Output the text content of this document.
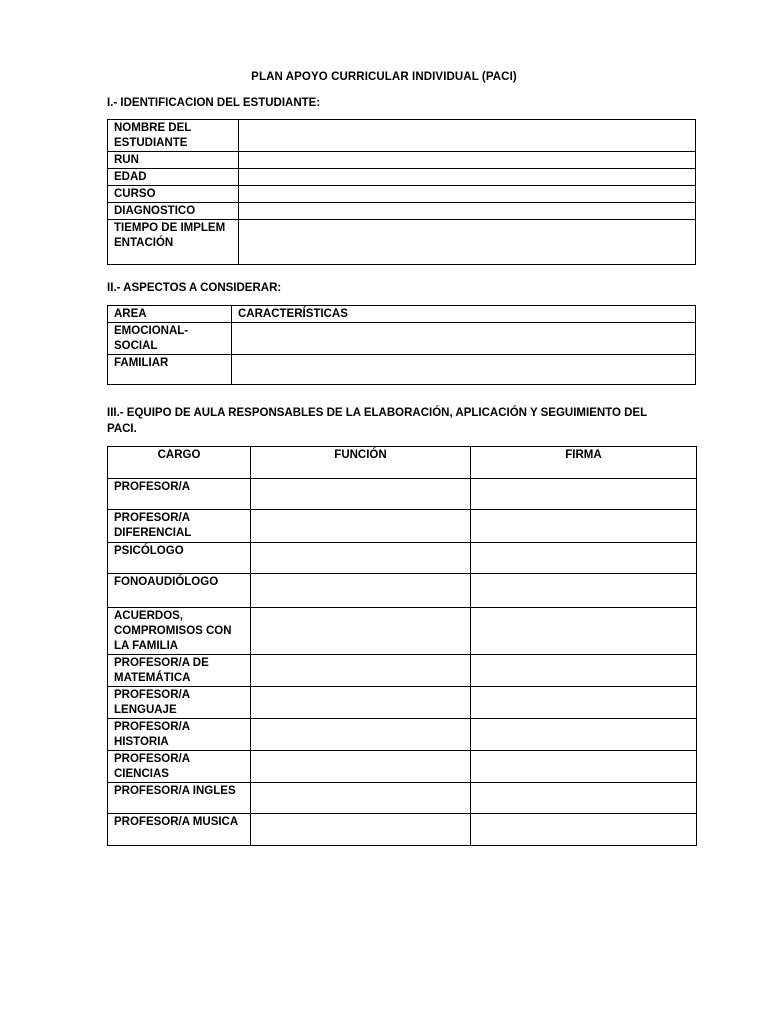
PLAN APOYO CURRICULAR INDIVIDUAL (PACI)
I.- IDENTIFICACION DEL ESTUDIANTE:
NOMBRE DEL ESTUDIANTE	
RUN	
EDAD	
CURSO	
DIAGNOSTICO	
TIEMPO DE IMPLEMENTACIÓN	
II.- ASPECTOS A CONSIDERAR:
AREA	CARACTERÍSTICAS
EMOCIONAL-SOCIAL	
FAMILIAR	
III.- EQUIPO DE AULA RESPONSABLES DE LA ELABORACIÓN, APLICACIÓN Y SEGUIMIENTO DEL PACI.
CARGO	FUNCIÓN	FIRMA
PROFESOR/A		
PROFESOR/A DIFERENCIAL		
PSICÓLOGO		
FONOAUDIÓLOGO		
ACUERDOS, COMPROMISOS CON LA FAMILIA		
PROFESOR/A DE MATEMÁTICA		
PROFESOR/A LENGUAJE		
PROFESOR/A HISTORIA		
PROFESOR/A CIENCIAS		
PROFESOR/A INGLES		
PROFESOR/A MUSICA		
